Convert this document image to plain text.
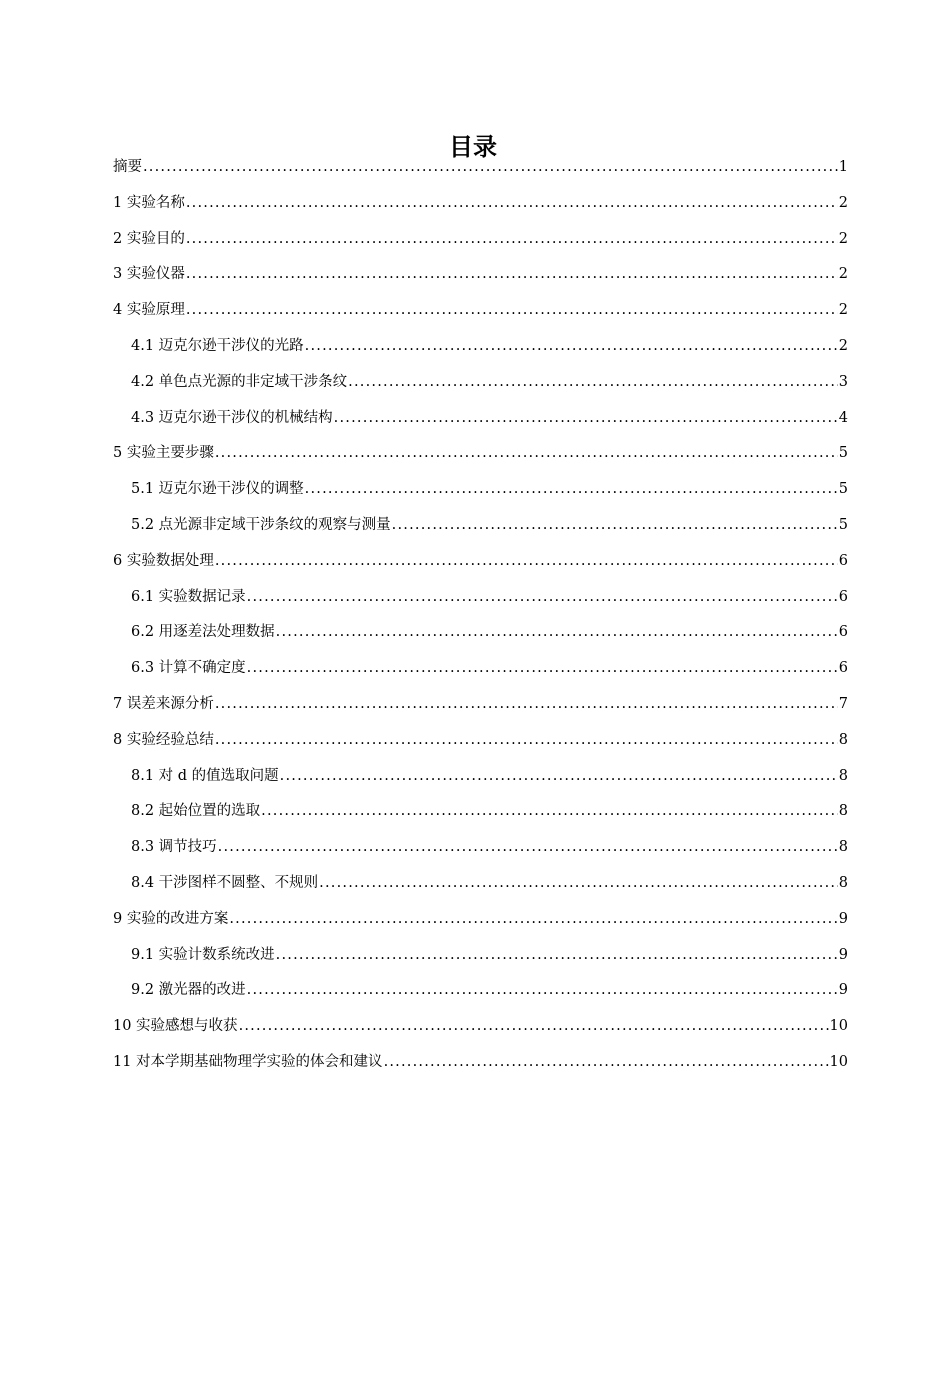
目录
摘要 .....	1
1 实验名称 .....	2
2 实验目的 .....	2
3 实验仪器 .....	2
4 实验原理 .....	2
4.1 迈克尔逊干涉仪的光路 .....	2
4.2 单色点光源的非定域干涉条纹 .....	3
4.3 迈克尔逊干涉仪的机械结构 .....	4
5 实验主要步骤 .....	5
5.1 迈克尔逊干涉仪的调整 .....	5
5.2 点光源非定域干涉条纹的观察与测量 .....	5
6 实验数据处理 .....	6
6.1 实验数据记录 .....	6
6.2 用逐差法处理数据 .....	6
6.3 计算不确定度 .....	6
7 误差来源分析 .....	7
8 实验经验总结 .....	8
8.1 对 d 的值选取问题 .....	8
8.2 起始位置的选取 .....	8
8.3 调节技巧 .....	8
8.4 干涉图样不圆整、不规则 .....	8
9 实验的改进方案 .....	9
9.1 实验计数系统改进 .....	9
9.2 激光器的改进 .....	9
10 实验感想与收获 .....	10
11 对本学期基础物理学实验的体会和建议 .....	10
